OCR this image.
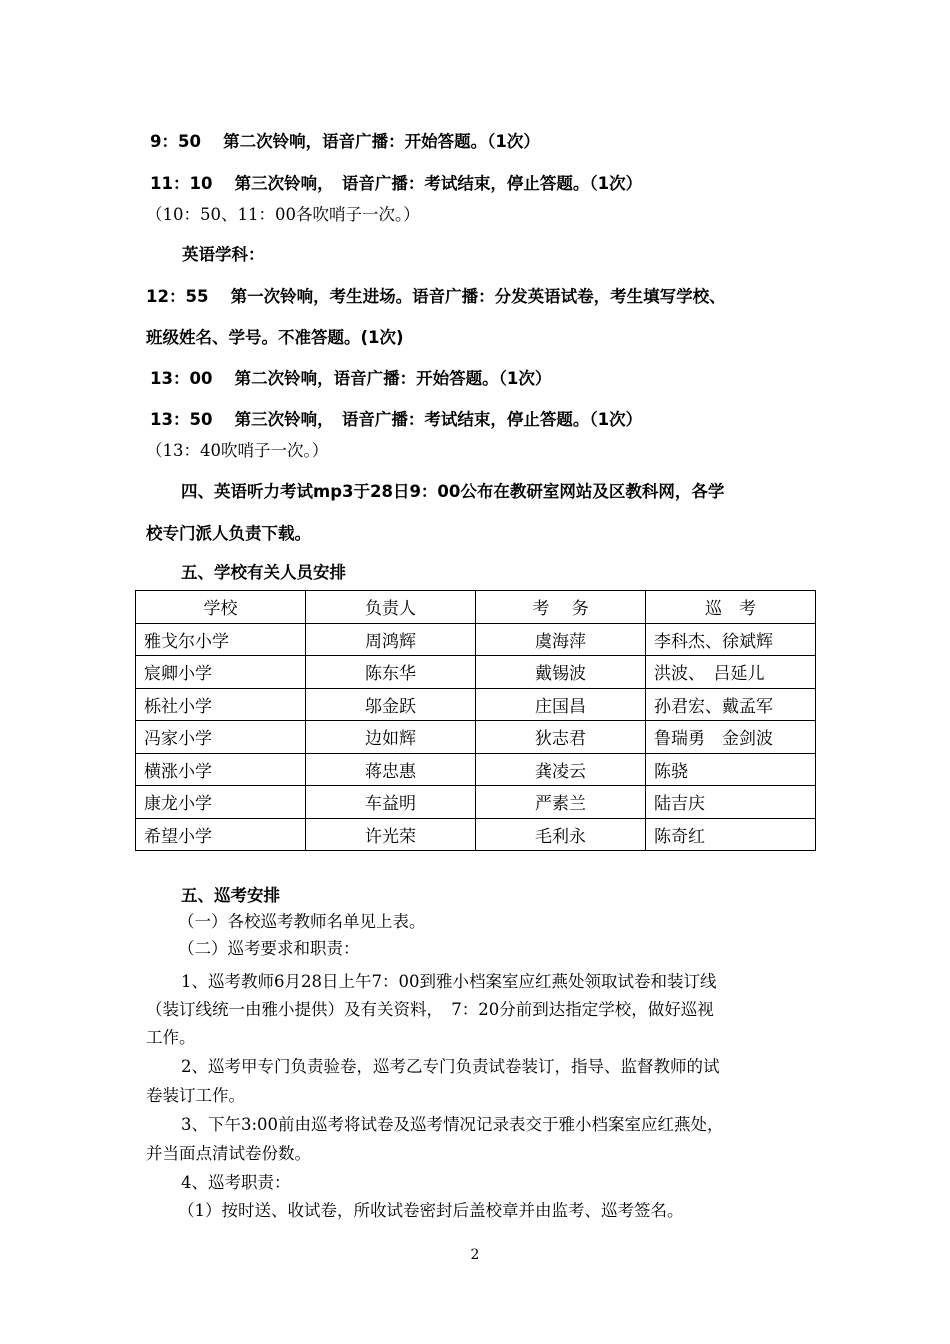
9：50　 第二次铃响，语音广播：开始答题。（1次）
11：10　 第三次铃响，　语音广播：考试结束，停止答题。（1次）
（10：50、11：00各吹哨子一次。）
英语学科：
12：55　 第一次铃响，考生进场。语音广播：分发英语试卷，考生填写学校、
班级姓名、学号。不准答题。(1次)
13：00　 第二次铃响，语音广播：开始答题。（1次）
13：50　 第三次铃响，　语音广播：考试结束，停止答题。（1次）
（13：40吹哨子一次。）
四、英语听力考试mp3于28日9：00公布在教研室网站及区教科网，各学
校专门派人负责下载。
五、学校有关人员安排
学校	负责人	考　 务	巡　考
雅戈尔小学	周鸿辉	虞海萍	李科杰、徐斌辉
宸卿小学	陈东华	戴锡波	洪波、　吕延儿
栎社小学	邬金跃	庄国昌	孙君宏、戴孟军
冯家小学	边如辉	狄志君	鲁瑞勇　金剑波
横涨小学	蒋忠惠	龚凌云	陈骁
康龙小学	车益明	严素兰	陆吉庆
希望小学	许光荣	毛利永	陈奇红
五、巡考安排
（一）各校巡考教师名单见上表。
（二）巡考要求和职责：
1、巡考教师6月28日上午7：00到雅小档案室应红燕处领取试卷和装订线
（装订线统一由雅小提供）及有关资料，　7：20分前到达指定学校，做好巡视
工作。
2、巡考甲专门负责验卷，巡考乙专门负责试卷装订，指导、监督教师的试
卷装订工作。
3、下午3:00前由巡考将试卷及巡考情况记录表交于雅小档案室应红燕处，
并当面点清试卷份数。
4、巡考职责：
（1）按时送、收试卷，所收试卷密封后盖校章并由监考、巡考签名。
2
